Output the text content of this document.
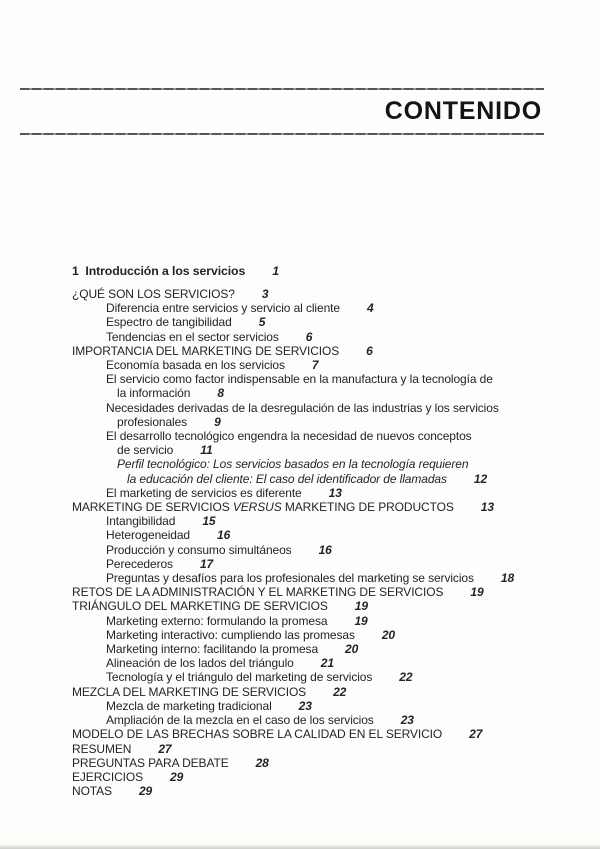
CONTENIDO
1  Introducción a los servicios 1
¿QUÉ SON LOS SERVICIOS? 3
Diferencia entre servicios y servicio al cliente 4
Espectro de tangibilidad 5
Tendencias en el sector servicios 6
IMPORTANCIA DEL MARKETING DE SERVICIOS 6
Economía basada en los servicios 7
El servicio como factor indispensable en la manufactura y la tecnología de
la información 8
Necesidades derivadas de la desregulación de las industrias y los servicios
profesionales 9
El desarrollo tecnológico engendra la necesidad de nuevos conceptos
de servicio 11
Perfil tecnológico: Los servicios basados en la tecnología requieren
la educación del cliente: El caso del identificador de llamadas 12
El marketing de servicios es diferente 13
MARKETING DE SERVICIOS VERSUS MARKETING DE PRODUCTOS 13
Intangibilidad 15
Heterogeneidad 16
Producción y consumo simultáneos 16
Perecederos 17
Preguntas y desafíos para los profesionales del marketing se servicios 18
RETOS DE LA ADMINISTRACIÓN Y EL MARKETING DE SERVICIOS 19
TRIÁNGULO DEL MARKETING DE SERVICIOS 19
Marketing externo: formulando la promesa 19
Marketing interactivo: cumpliendo las promesas 20
Marketing interno: facilitando la promesa 20
Alineación de los lados del triángulo 21
Tecnología y el triángulo del marketing de servicios 22
MEZCLA DEL MARKETING DE SERVICIOS 22
Mezcla de marketing tradicional 23
Ampliación de la mezcla en el caso de los servicios 23
MODELO DE LAS BRECHAS SOBRE LA CALIDAD EN EL SERVICIO 27
RESUMEN 27
PREGUNTAS PARA DEBATE 28
EJERCICIOS 29
NOTAS 29
